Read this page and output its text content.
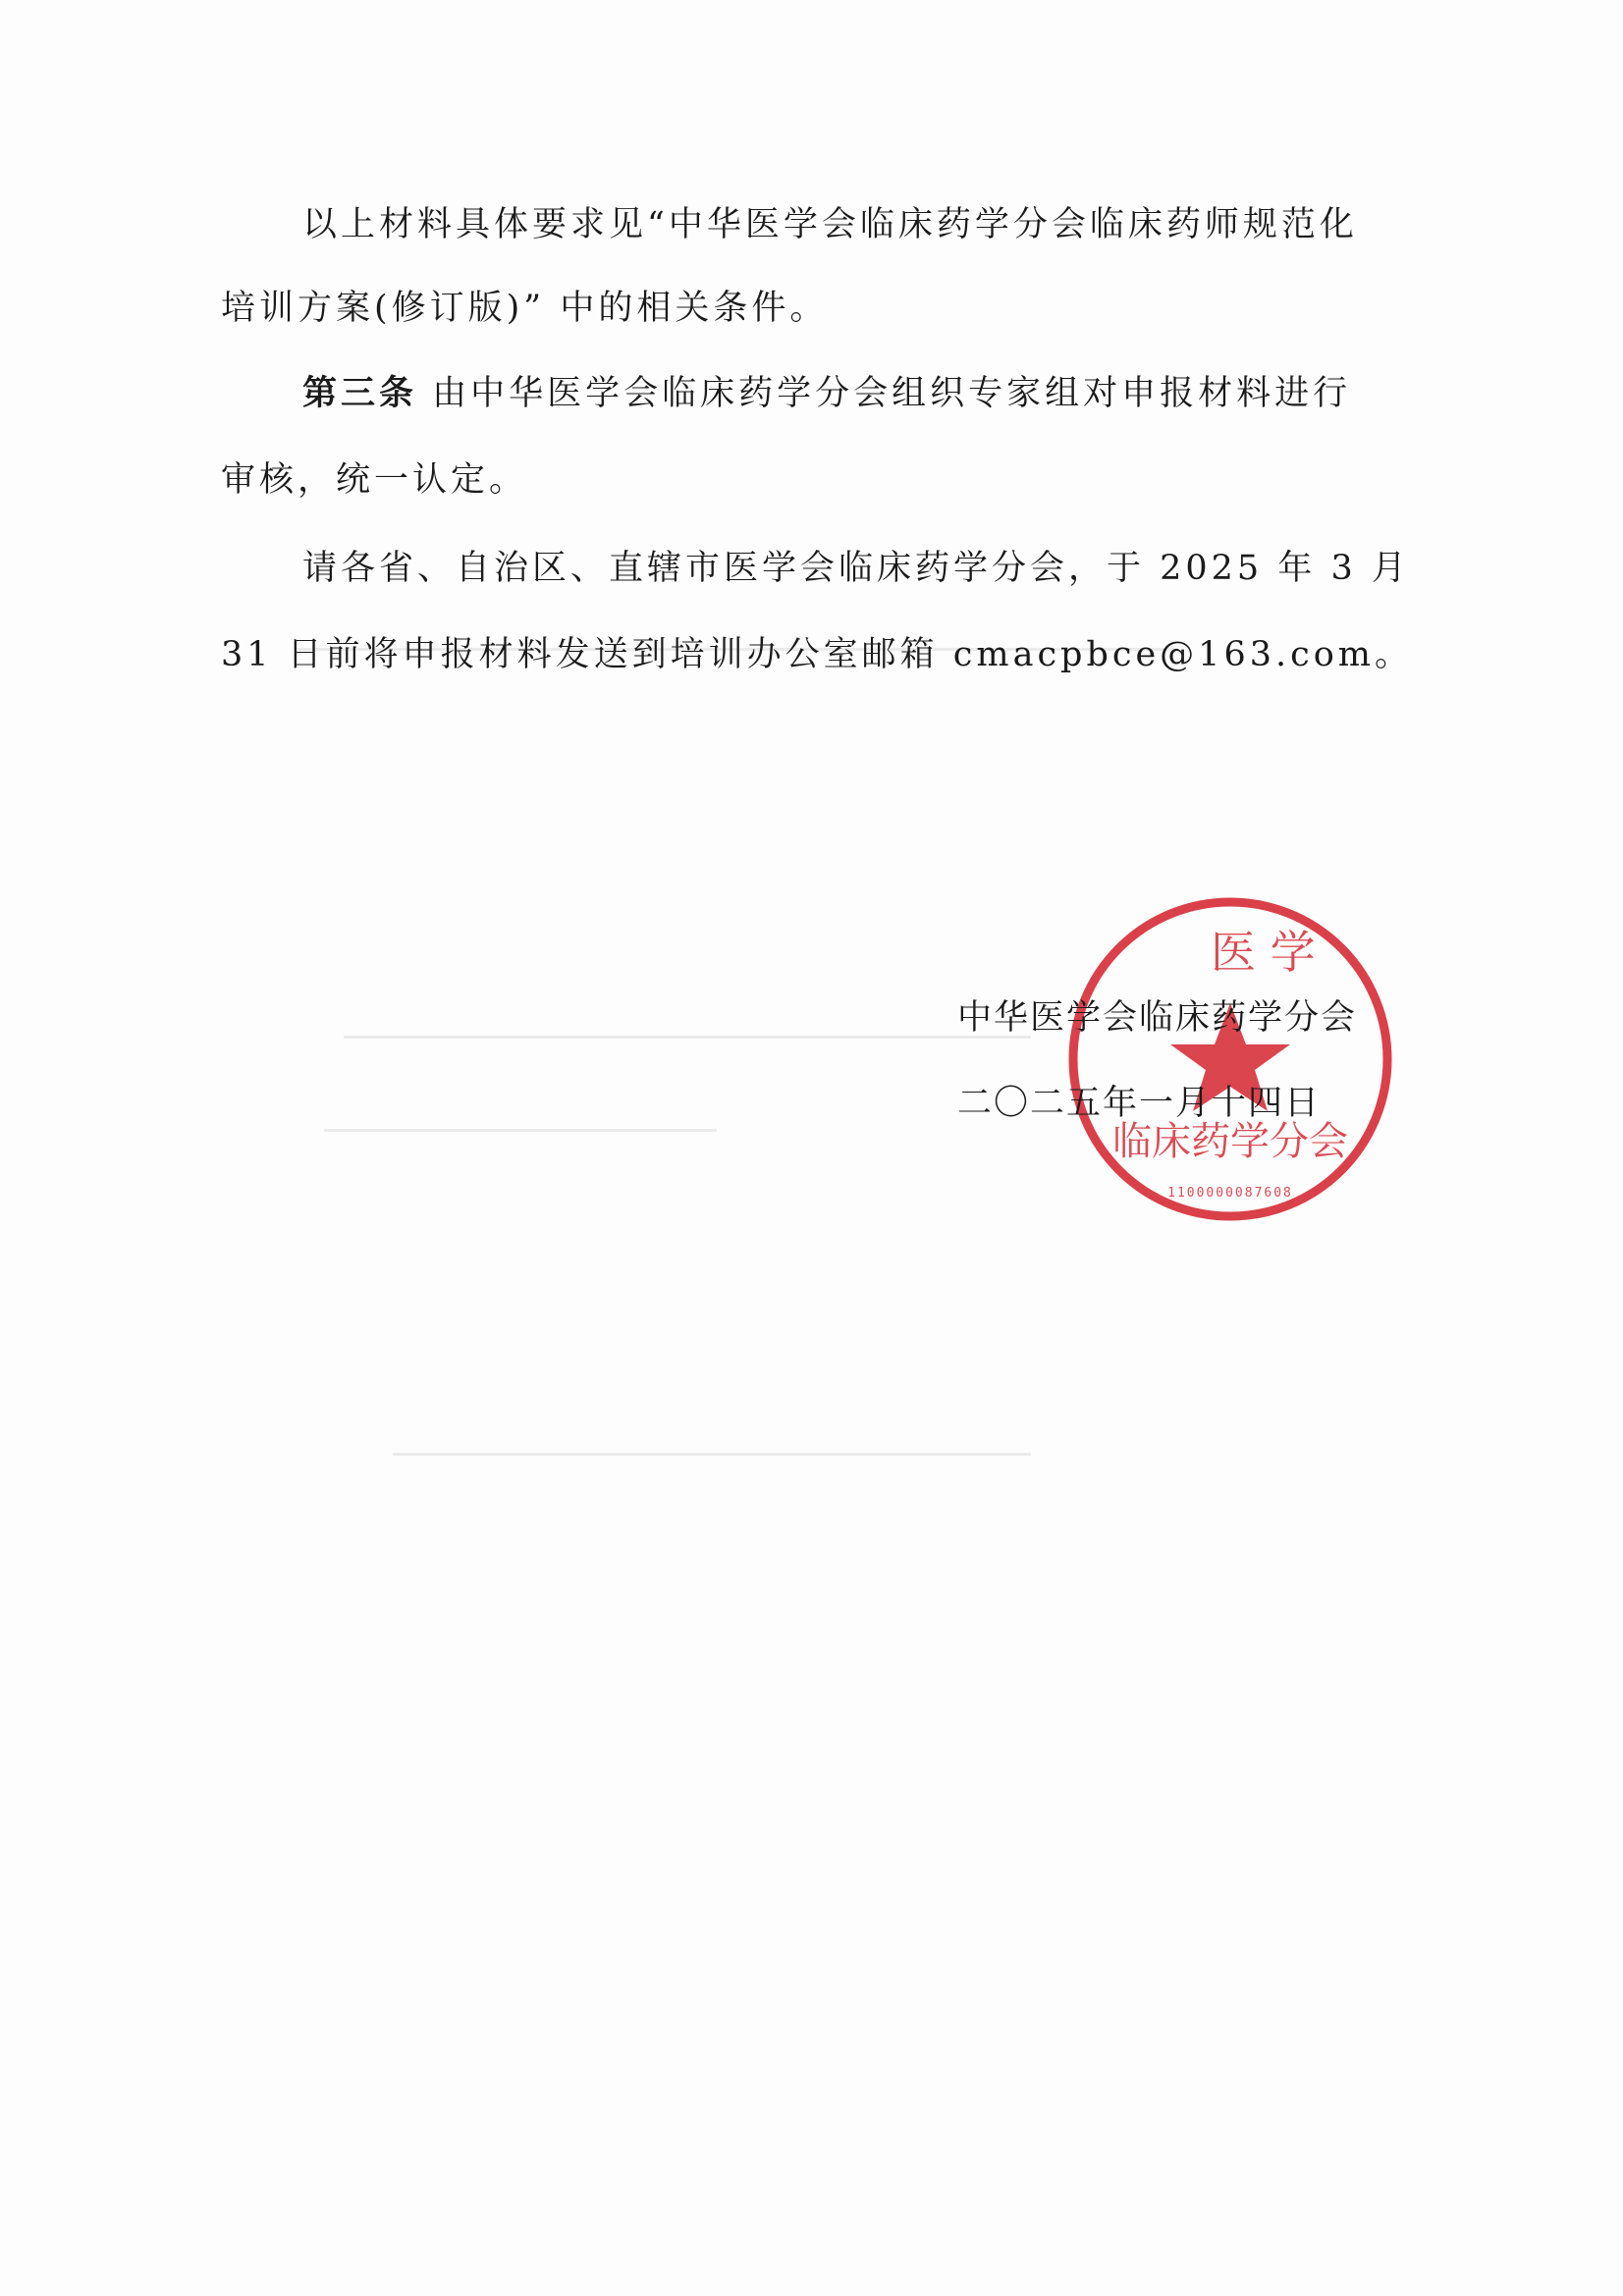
以上材料具体要求见“中华医学会临床药学分会临床药师规范化
培训方案(修订版)” 中的相关条件。
第三条 由中华医学会临床药学分会组织专家组对申报材料进行
审核，统一认定。
请各省、自治区、直辖市医学会临床药学分会，于 2025 年 3 月
31 日前将申报材料发送到培训办公室邮箱 cmacpbce@163.com。
医 学
临床药学分会
1100000087608
中华医学会临床药学分会
二〇二五年一月十四日
